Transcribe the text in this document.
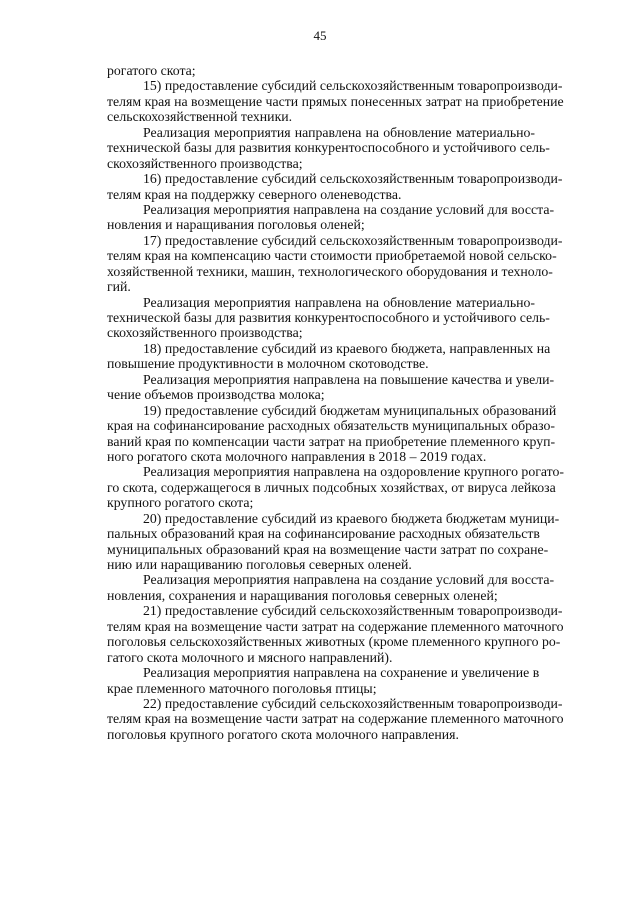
45
рогатого скота;
15) предоставление субсидий сельскохозяйственным товаропроизводи-
телям края на возмещение части прямых понесенных затрат на приобретение
сельскохозяйственной техники.
Реализация мероприятия направлена на обновление материально-
технической базы для развития конкурентоспособного и устойчивого сель-
скохозяйственного производства;
16) предоставление субсидий сельскохозяйственным товаропроизводи-
телям края на поддержку северного оленеводства.
Реализация мероприятия направлена на создание условий для восста-
новления и наращивания поголовья оленей;
17) предоставление субсидий сельскохозяйственным товаропроизводи-
телям края на компенсацию части стоимости приобретаемой новой сельско-
хозяйственной техники, машин, технологического оборудования и техноло-
гий.
Реализация мероприятия направлена на обновление материально-
технической базы для развития конкурентоспособного и устойчивого сель-
скохозяйственного производства;
18) предоставление субсидий из краевого бюджета, направленных на
повышение продуктивности в молочном скотоводстве.
Реализация мероприятия направлена на повышение качества и увели-
чение объемов производства молока;
19) предоставление субсидий бюджетам муниципальных образований
края на софинансирование расходных обязательств муниципальных образо-
ваний края по компенсации части затрат на приобретение племенного круп-
ного рогатого скота молочного направления в 2018 – 2019 годах.
Реализация мероприятия направлена на оздоровление крупного рогато-
го скота, содержащегося в личных подсобных хозяйствах, от вируса лейкоза
крупного рогатого скота;
20) предоставление субсидий из краевого бюджета бюджетам муници-
пальных образований края на софинансирование расходных обязательств
муниципальных образований края на возмещение части затрат по сохране-
нию или наращиванию поголовья северных оленей.
Реализация мероприятия направлена на создание условий для восста-
новления, сохранения и наращивания поголовья северных оленей;
21) предоставление субсидий сельскохозяйственным товаропроизводи-
телям края на возмещение части затрат на содержание племенного маточного
поголовья сельскохозяйственных животных (кроме племенного крупного ро-
гатого скота молочного и мясного направлений).
Реализация мероприятия направлена на сохранение и увеличение в
крае племенного маточного поголовья птицы;
22) предоставление субсидий сельскохозяйственным товаропроизводи-
телям края на возмещение части затрат на содержание племенного маточного
поголовья крупного рогатого скота молочного направления.
